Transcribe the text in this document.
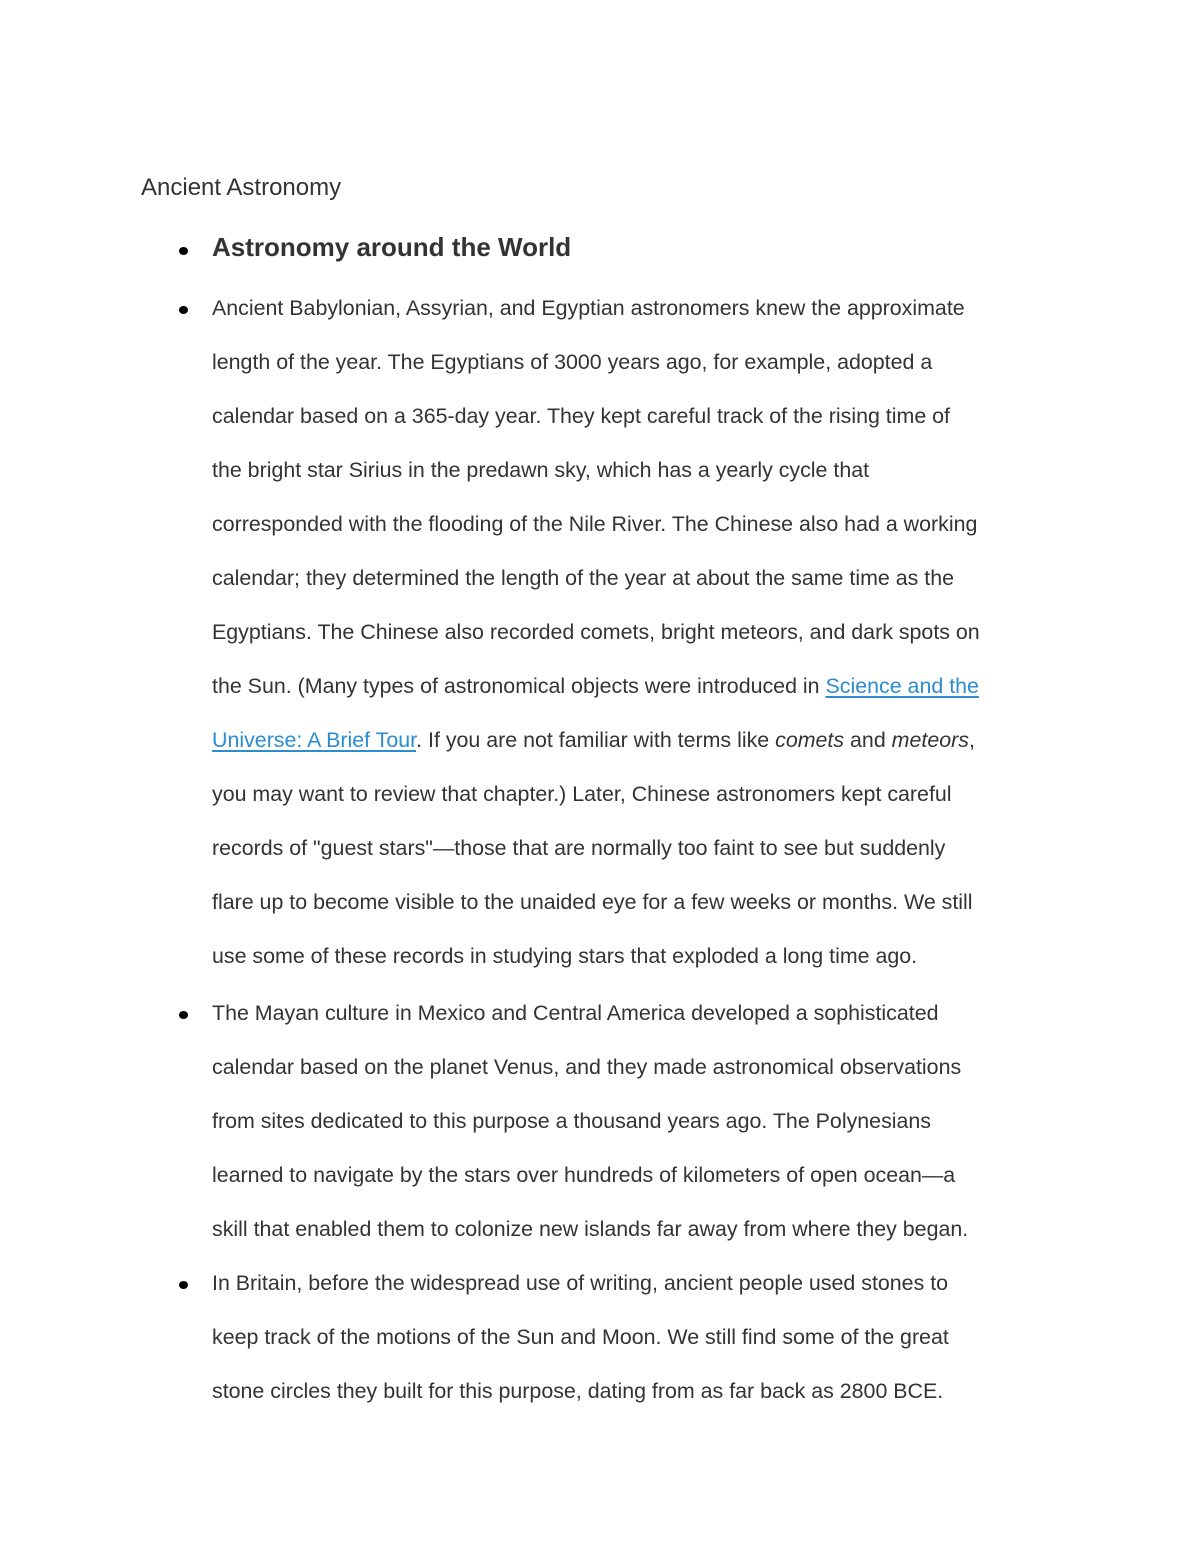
Ancient Astronomy
Astronomy around the World
Ancient Babylonian, Assyrian, and Egyptian astronomers knew the approximate
length of the year. The Egyptians of 3000 years ago, for example, adopted a
calendar based on a 365-day year. They kept careful track of the rising time of
the bright star Sirius in the predawn sky, which has a yearly cycle that
corresponded with the flooding of the Nile River. The Chinese also had a working
calendar; they determined the length of the year at about the same time as the
Egyptians. The Chinese also recorded comets, bright meteors, and dark spots on
the Sun. (Many types of astronomical objects were introduced in Science and the
Universe: A Brief Tour. If you are not familiar with terms like comets and meteors,
you may want to review that chapter.) Later, Chinese astronomers kept careful
records of "guest stars"—those that are normally too faint to see but suddenly
flare up to become visible to the unaided eye for a few weeks or months. We still
use some of these records in studying stars that exploded a long time ago.
The Mayan culture in Mexico and Central America developed a sophisticated
calendar based on the planet Venus, and they made astronomical observations
from sites dedicated to this purpose a thousand years ago. The Polynesians
learned to navigate by the stars over hundreds of kilometers of open ocean—a
skill that enabled them to colonize new islands far away from where they began.
In Britain, before the widespread use of writing, ancient people used stones to
keep track of the motions of the Sun and Moon. We still find some of the great
stone circles they built for this purpose, dating from as far back as 2800 BCE.
